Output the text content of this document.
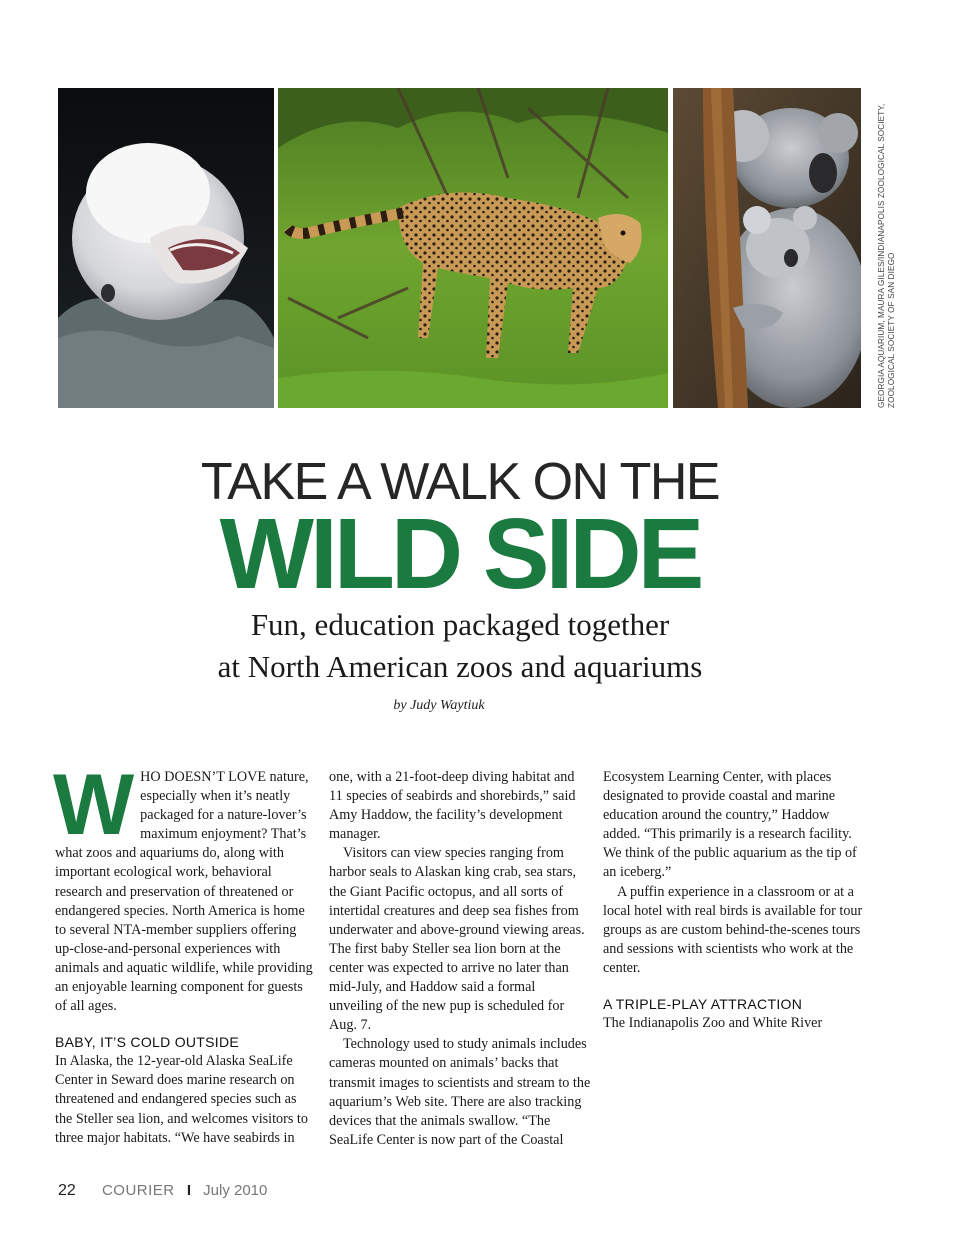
GEORGIA AQUARIUM, MAURA GILES/INDIANAPOLIS ZOOLOGICAL SOCIETY, ZOOLOGICAL SOCIETY OF SAN DIEGO
TAKE A WALK ON THE
WILD SIDE
Fun, education packaged together
at North American zoos and aquariums
by Judy Waytiuk

WHO DOESN’T LOVE nature, especially when it’s neatly packaged for a nature-lover’s maximum enjoyment? That’s what zoos and aquariums do, along with important ecological work, behavioral research and preservation of threatened or endangered species. North America is home to several NTA-member suppliers offering up-close-and-personal experiences with animals and aquatic wildlife, while providing an enjoyable learning component for guests of all ages.

BABY, IT’S COLD OUTSIDE

In Alaska, the 12-year-old Alaska SeaLife Center in Seward does marine research on threatened and endangered species such as the Steller sea lion, and welcomes visitors to three major habitats. “We have seabirds in

one, with a 21-foot-deep diving habitat and 11 species of seabirds and shorebirds,” said Amy Haddow, the facility’s development manager.

Visitors can view species ranging from harbor seals to Alaskan king crab, sea stars, the Giant Pacific octopus, and all sorts of intertidal creatures and deep sea fishes from underwater and above-ground viewing areas. The first baby Steller sea lion born at the center was expected to arrive no later than mid-July, and Haddow said a formal unveiling of the new pup is scheduled for Aug. 7.

Technology used to study animals includes cameras mounted on animals’ backs that transmit images to scientists and stream to the aquarium’s Web site. There are also tracking devices that the animals swallow. “The SeaLife Center is now part of the Coastal

Ecosystem Learning Center, with places designated to provide coastal and marine education around the country,” Haddow added. “This primarily is a research facility. We think of the public aquarium as the tip of an iceberg.”

A puffin experience in a classroom or at a local hotel with real birds is available for tour groups as are custom behind-the-scenes tours and sessions with scientists who work at the center.

A TRIPLE-PLAY ATTRACTION

The Indianapolis Zoo and White River

22 COURIER I July 2010
